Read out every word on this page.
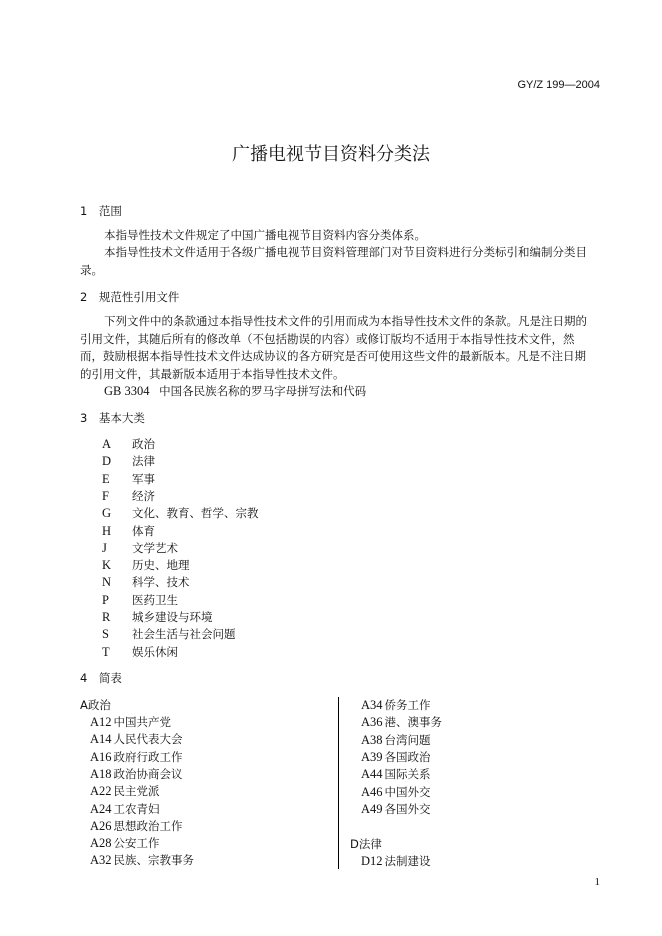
GY/Z 199—2004
广播电视节目资料分类法
1　范围
本指导性技术文件规定了中国广播电视节目资料内容分类体系。
本指导性技术文件适用于各级广播电视节目资料管理部门对节目资料进行分类标引和编制分类目录。
2　规范性引用文件
下列文件中的条款通过本指导性技术文件的引用而成为本指导性技术文件的条款。凡是注日期的引用文件，其随后所有的修改单（不包括勘误的内容）或修订版均不适用于本指导性技术文件，然而，鼓励根据本指导性技术文件达成协议的各方研究是否可使用这些文件的最新版本。凡是不注日期的引用文件，其最新版本适用于本指导性技术文件。
GB 3304 中国各民族名称的罗马字母拼写法和代码
3　基本大类
A 政治
D 法律
E 军事
F 经济
G 文化、教育、哲学、宗教
H 体育
J 文学艺术
K 历史、地理
N 科学、技术
P 医药卫生
R 城乡建设与环境
S 社会生活与社会问题
T 娱乐休闲
4　简表
A政治
A12 中国共产党
A14 人民代表大会
A16 政府行政工作
A18 政治协商会议
A22 民主党派
A24 工农青妇
A26 思想政治工作
A28 公安工作
A32 民族、宗教事务
A34 侨务工作
A36 港、澳事务
A38 台湾问题
A39 各国政治
A44 国际关系
A46 中国外交
A49 各国外交
D法律
D12 法制建设
1
